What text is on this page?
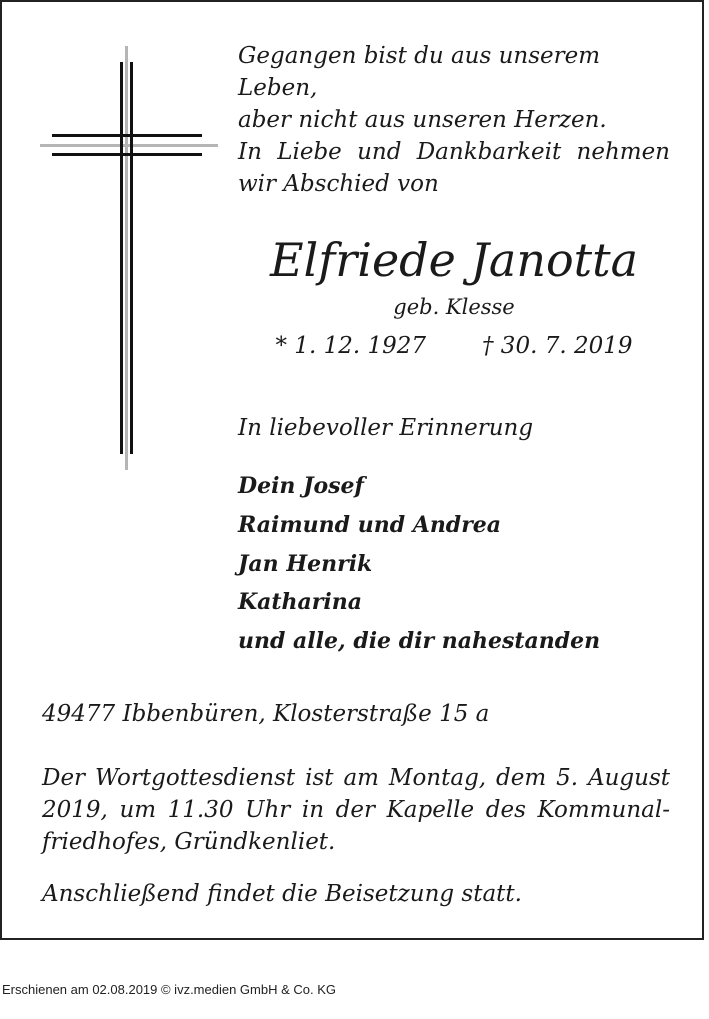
Gegangen bist du aus unserem Leben,
aber nicht aus unseren Herzen.
In Liebe und Dankbarkeit nehmen wir Abschied von
Elfriede Janotta
geb. Klesse
* 1. 12. 1927 † 30. 7. 2019
In liebevoller Erinnerung
Dein Josef
Raimund und Andrea
Jan Henrik
Katharina
und alle, die dir nahestanden
49477 Ibbenbüren, Klosterstraße 15 a
Der Wortgottesdienst ist am Montag, dem 5. August 2019, um 11.30 Uhr in der Kapelle des Kommunal-friedhofes, Gründkenliet.
Anschließend findet die Beisetzung statt.
Erschienen am 02.08.2019 © ivz.medien GmbH & Co. KG
